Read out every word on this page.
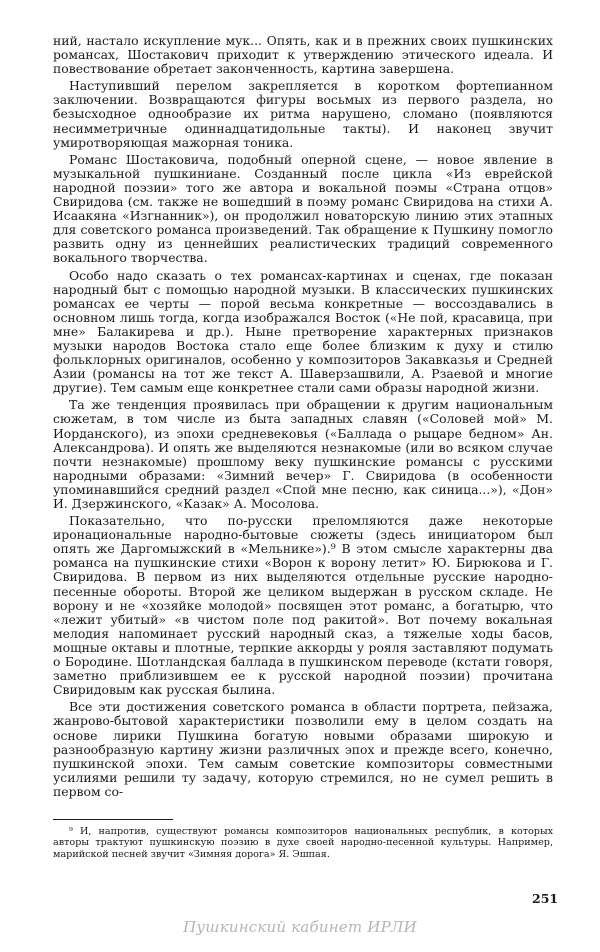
ний, настало искупление мук... Опять, как и в прежних своих пушкинских романсах, Шостакович приходит к утверждению этического идеала. И повествование обретает законченность, картина завершена.

Наступивший перелом закрепляется в коротком фортепианном заключении. Возвращаются фигуры восьмых из первого раздела, но безысходное однообразие их ритма нарушено, сломано (появляются несимметричные одиннадцатидольные такты). И наконец звучит умиротворяющая мажорная тоника.

Романс Шостаковича, подобный оперной сцене, — новое явление в музыкальной пушкиниане. Созданный после цикла «Из еврейской народной поэзии» того же автора и вокальной поэмы «Страна отцов» Свиридова (см. также не вошедший в поэму романс Свиридова на стихи А. Исаакяна «Изгнанник»), он продолжил новаторскую линию этих этапных для советского романса произведений. Так обращение к Пушкину помогло развить одну из ценнейших реалистических традиций современного вокального творчества.

Особо надо сказать о тех романсах-картинах и сценах, где показан народный быт с помощью народной музыки. В классических пушкинских романсах ее черты — порой весьма конкретные — воссоздавались в основном лишь тогда, когда изображался Восток («Не пой, красавица, при мне» Балакирева и др.). Ныне претворение характерных признаков музыки народов Востока стало еще более близким к духу и стилю фольклорных оригиналов, особенно у композиторов Закавказья и Средней Азии (романсы на тот же текст А. Шаверзашвили, А. Рзаевой и многие другие). Тем самым еще конкретнее стали сами образы народной жизни.

Та же тенденция проявилась при обращении к другим национальным сюжетам, в том числе из быта западных славян («Соловей мой» М. Иорданского), из эпохи средневековья («Баллада о рыцаре бедном» Ан. Александрова). И опять же выделяются незнакомые (или во всяком случае почти незнакомые) прошлому веку пушкинские романсы с русскими народными образами: «Зимний вечер» Г. Свиридова (в особенности упоминавшийся средний раздел «Спой мне песню, как синица...»), «Дон» И. Дзержинского, «Казак» А. Мосолова.

Показательно, что по-русски преломляются даже некоторые иронациональные народно-бытовые сюжеты (здесь инициатором был опять же Даргомыжский в «Мельнике»).⁹ В этом смысле характерны два романса на пушкинские стихи «Ворон к ворону летит» Ю. Бирюкова и Г. Свиридова. В первом из них выделяются отдельные русские народно-песенные обороты. Второй же целиком выдержан в русском складе. Не ворону и не «хозяйке молодой» посвящен этот романс, а богатырю, что «лежит убитый» «в чистом поле под ракитой». Вот почему вокальная мелодия напоминает русский народный сказ, а тяжелые ходы басов, мощные октавы и плотные, терпкие аккорды у рояля заставляют подумать о Бородине. Шотландская баллада в пушкинском переводе (кстати говоря, заметно приблизившем ее к русской народной поэзии) прочитана Свиридовым как русская былина.

Все эти достижения советского романса в области портрета, пейзажа, жанрово-бытовой характеристики позволили ему в целом создать на основе лирики Пушкина богатую новыми образами широкую и разнообразную картину жизни различных эпох и прежде всего, конечно, пушкинской эпохи. Тем самым советские композиторы совместными усилиями решили ту задачу, которую стремился, но не сумел решить в первом со-

⁹ И, напротив, существуют романсы композиторов национальных республик, в которых авторы трактуют пушкинскую поэзию в духе своей народно-песенной культуры. Например, марийской песней звучит «Зимняя дорога» Я. Эшпая.

251
Пушкинский кабинет ИРЛИ
